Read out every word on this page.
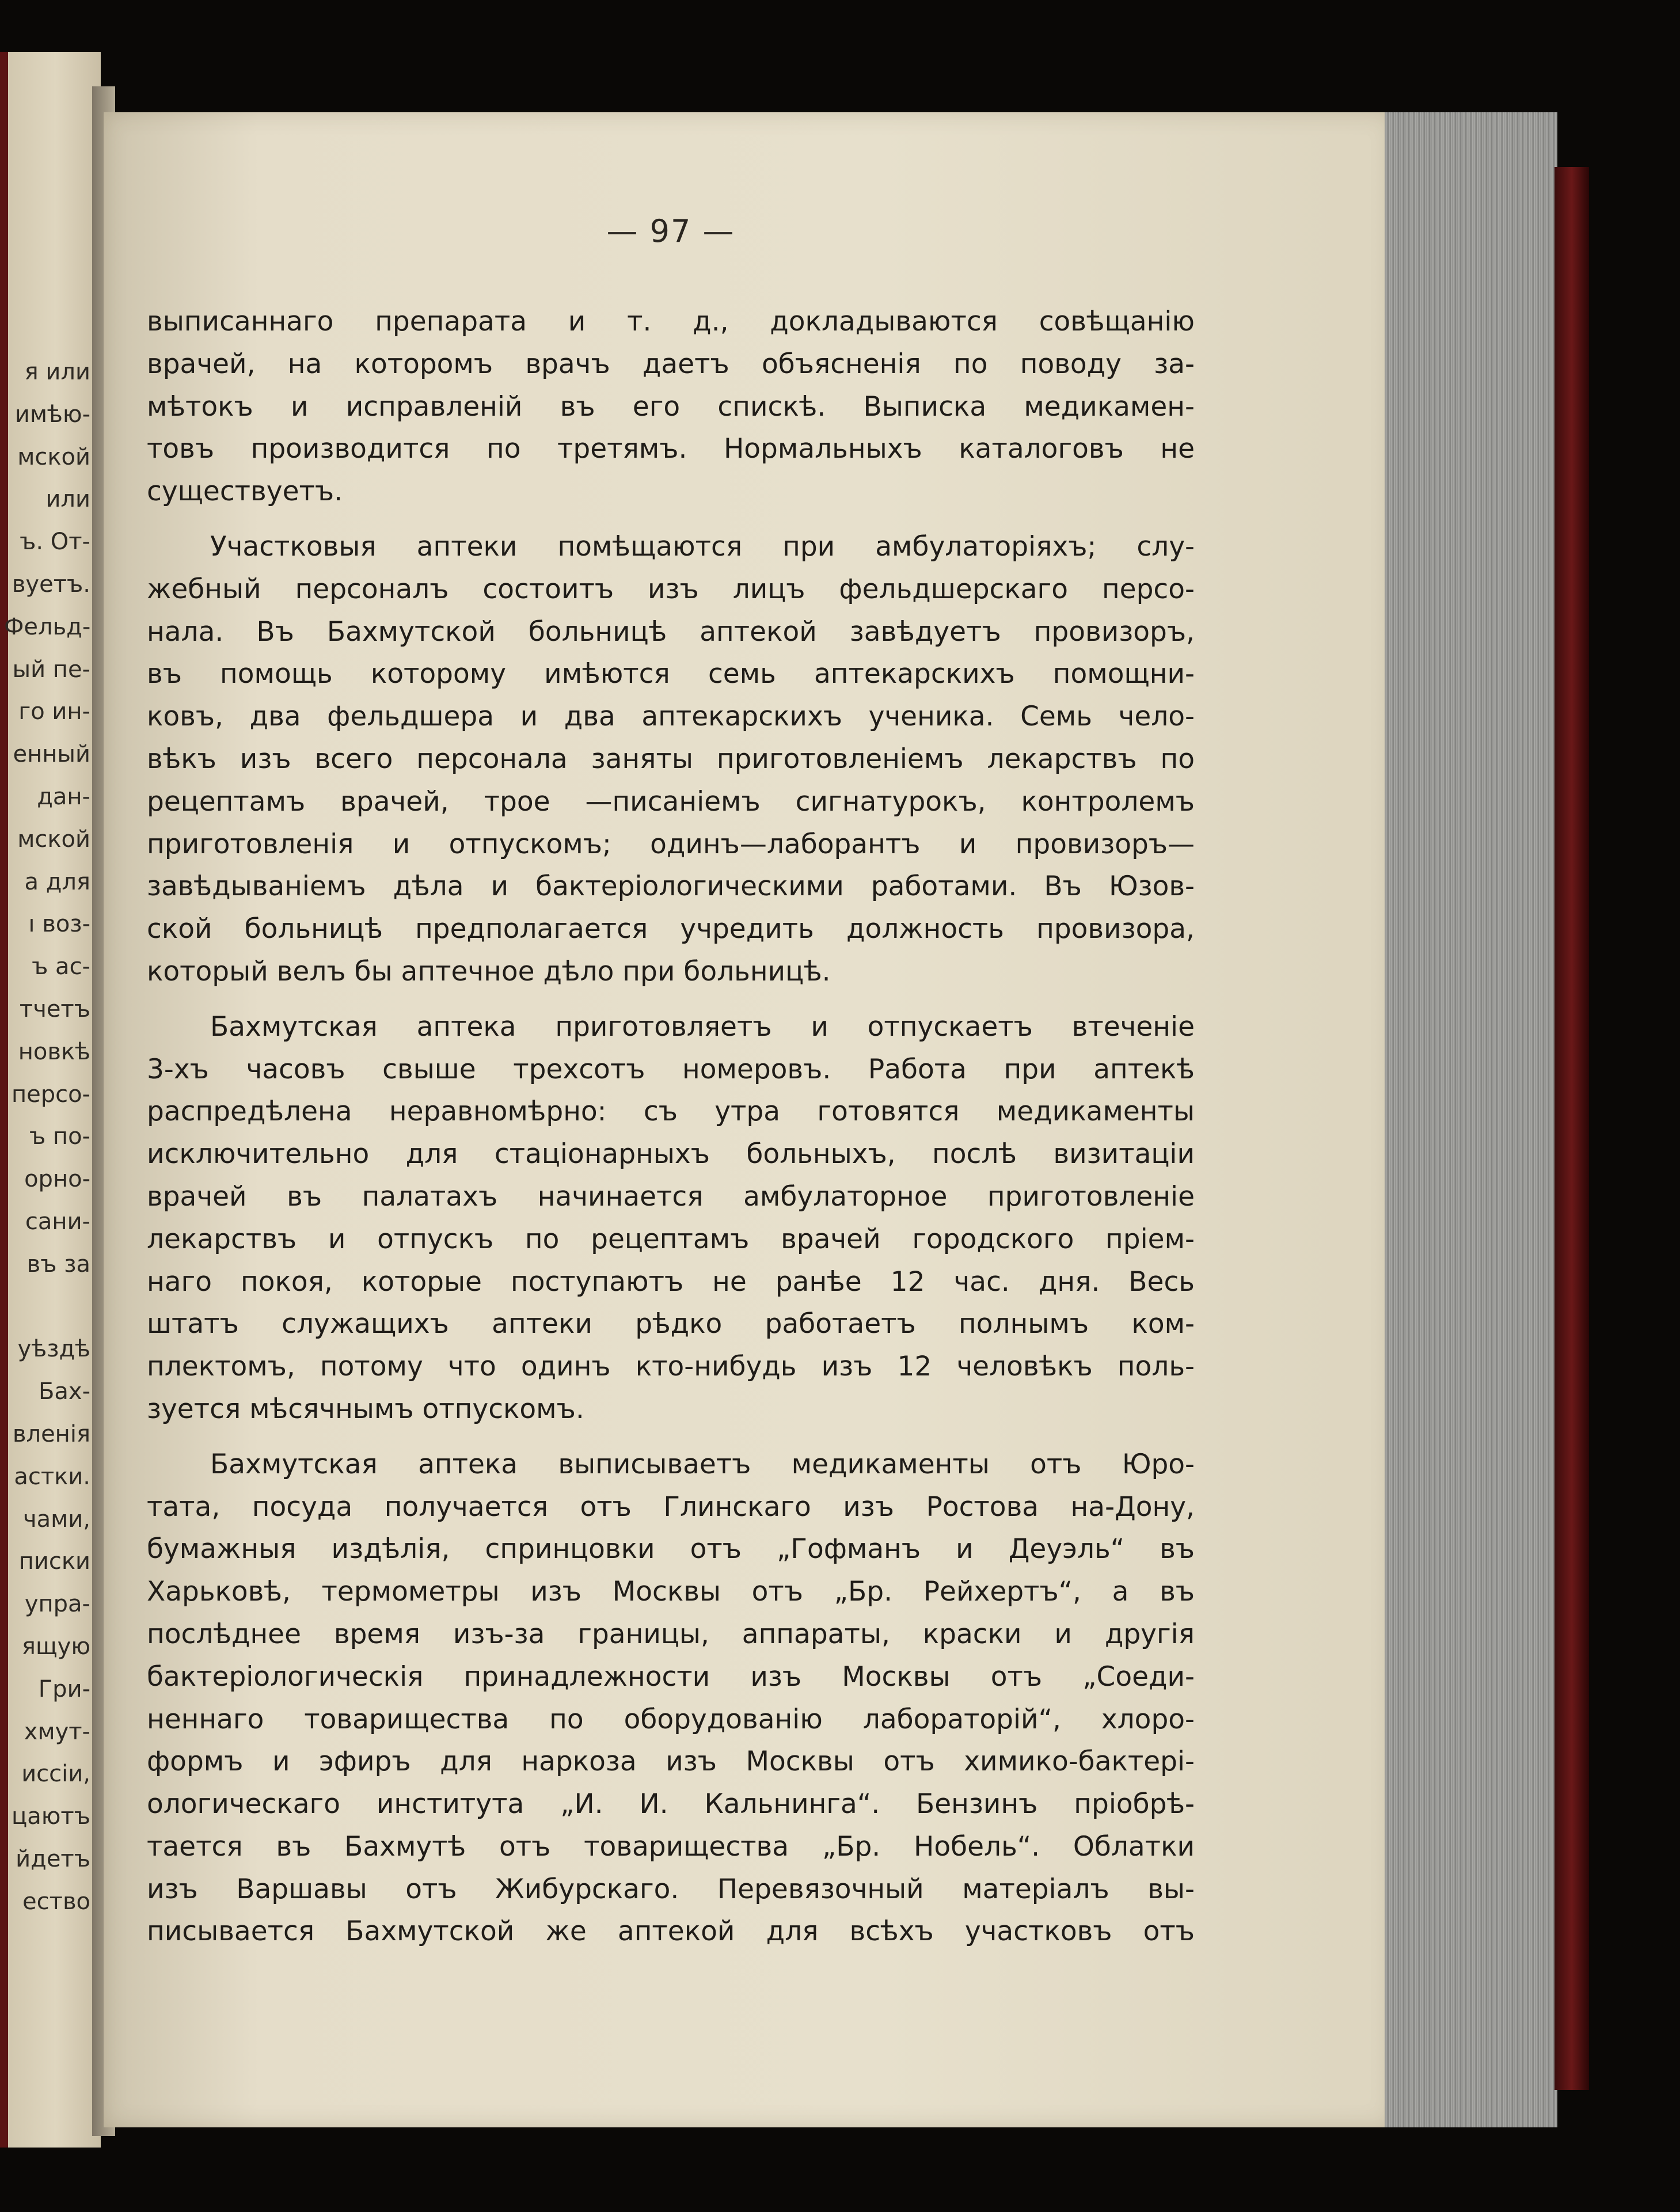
я или
имѣю-
мской
или
ъ. От-
вуетъ.
Фельд-
ый пе-
го ин-
енный
дан-
мской
а для
ı воз-
ъ ас-
тчетъ
новкѣ
персо-
ъ по-
орно-
сани-
въ за
уѣздѣ
Бах-
вленія
астки.
чами,
писки
упра-
ящую
Гри-
хмут-
иссіи,
цаютъ
йдетъ
ество
— 97 —
выписаннаго препарата и т. д., докладываются совѣщанію
врачей, на которомъ врачъ даетъ объясненія по поводу за-
мѣтокъ и исправленій въ его спискѣ. Выписка медикамен-
товъ производится по третямъ. Нормальныхъ каталоговъ не
существуетъ.
Участковыя аптеки помѣщаются при амбулаторіяхъ; слу-
жебный персоналъ состоитъ изъ лицъ фельдшерскаго персо-
нала. Въ Бахмутской больницѣ аптекой завѣдуетъ провизоръ,
въ помощь которому имѣются семь аптекарскихъ помощни-
ковъ, два фельдшера и два аптекарскихъ ученика. Семь чело-
вѣкъ изъ всего персонала заняты приготовленіемъ лекарствъ по
рецептамъ врачей, трое —писаніемъ сигнатурокъ, контролемъ
приготовленія и отпускомъ; одинъ—лаборантъ и провизоръ—
завѣдываніемъ дѣла и бактеріологическими работами. Въ Юзов-
ской больницѣ предполагается учредить должность провизора,
который велъ бы аптечное дѣло при больницѣ.
Бахмутская аптека приготовляетъ и отпускаетъ втеченіе
3-хъ часовъ свыше трехсотъ номеровъ. Работа при аптекѣ
распредѣлена неравномѣрно: съ утра готовятся медикаменты
исключительно для стаціонарныхъ больныхъ, послѣ визитаціи
врачей въ палатахъ начинается амбулаторное приготовленіе
лекарствъ и отпускъ по рецептамъ врачей городского пріем-
наго покоя, которые поступаютъ не ранѣе 12 час. дня. Весь
штатъ служащихъ аптеки рѣдко работаетъ полнымъ ком-
плектомъ, потому что одинъ кто-нибудь изъ 12 человѣкъ поль-
зуется мѣсячнымъ отпускомъ.
Бахмутская аптека выписываетъ медикаменты отъ Юро-
тата, посуда получается отъ Глинскаго изъ Ростова на-Дону,
бумажныя издѣлія, спринцовки отъ „Гофманъ и Деуэль“ въ
Харьковѣ, термометры изъ Москвы отъ „Бр. Рейхертъ“, а въ
послѣднее время изъ-за границы, аппараты, краски и другія
бактеріологическія принадлежности изъ Москвы отъ „Соеди-
неннаго товарищества по оборудованію лабораторій“, хлоро-
формъ и эфиръ для наркоза изъ Москвы отъ химико-бактері-
ологическаго института „И. И. Кальнинга“. Бензинъ пріобрѣ-
тается въ Бахмутѣ отъ товарищества „Бр. Нобель“. Облатки
изъ Варшавы отъ Жибурскаго. Перевязочный матеріалъ вы-
писывается Бахмутской же аптекой для всѣхъ участковъ отъ
